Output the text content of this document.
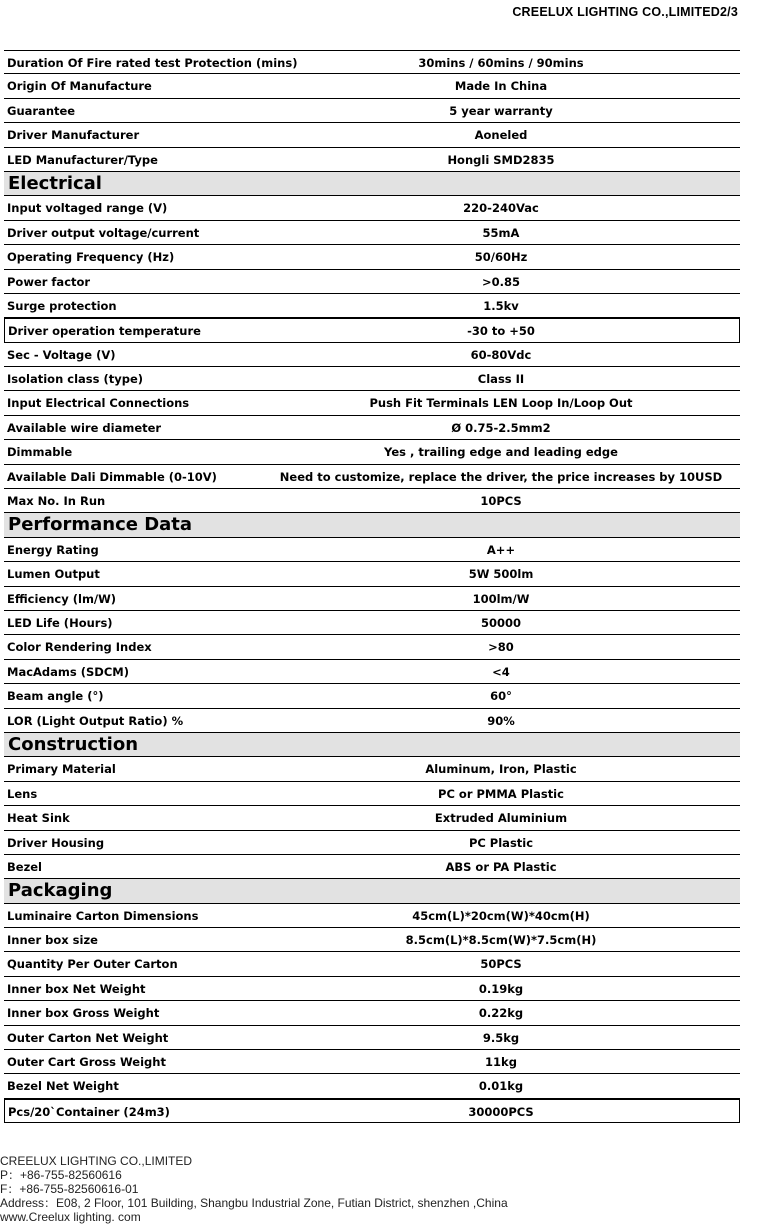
CREELUX LIGHTING CO.,LIMITED2/3
Duration Of Fire rated test Protection (mins)	30mins / 60mins / 90mins
Origin Of Manufacture	Made In China
Guarantee	5 year warranty
Driver Manufacturer	Aoneled
LED Manufacturer/Type	Hongli SMD2835
Electrical
Input voltaged range (V)	220-240Vac
Driver output voltage/current	55mA
Operating Frequency (Hz)	50/60Hz
Power factor	>0.85
Surge protection	1.5kv
Driver operation temperature	-30 to +50
Sec - Voltage (V)	60-80Vdc
Isolation class (type)	Class II
Input Electrical Connections	Push Fit Terminals LEN Loop In/Loop Out
Available wire diameter	Ø 0.75-2.5mm2
Dimmable	Yes , trailing edge and leading edge
Available Dali Dimmable (0-10V)	Need to customize, replace the driver, the price increases by 10USD
Max No. In Run	10PCS
Performance Data
Energy Rating	A++
Lumen Output	5W 500lm
Efficiency (lm/W)	100lm/W
LED Life (Hours)	50000
Color Rendering Index	>80
MacAdams (SDCM)	<4
Beam angle (°)	60°
LOR (Light Output Ratio) %	90%
Construction
Primary Material	Aluminum, Iron, Plastic
Lens	PC or PMMA Plastic
Heat Sink	Extruded Aluminium
Driver Housing	PC Plastic
Bezel	ABS or PA Plastic
Packaging
Luminaire Carton Dimensions	45cm(L)*20cm(W)*40cm(H)
Inner box size	8.5cm(L)*8.5cm(W)*7.5cm(H)
Quantity Per Outer Carton	50PCS
Inner box Net Weight	0.19kg
Inner box Gross Weight	0.22kg
Outer Carton Net Weight	9.5kg
Outer Cart Gross Weight	11kg
Bezel Net Weight	0.01kg
Pcs/20`Container (24m3)	30000PCS
CREELUX LIGHTING CO.,LIMITED
P：+86-755-82560616
F：+86-755-82560616-01
Address：E08, 2 Floor, 101 Building, Shangbu Industrial Zone, Futian District, shenzhen ,China
www.Creelux lighting. com
